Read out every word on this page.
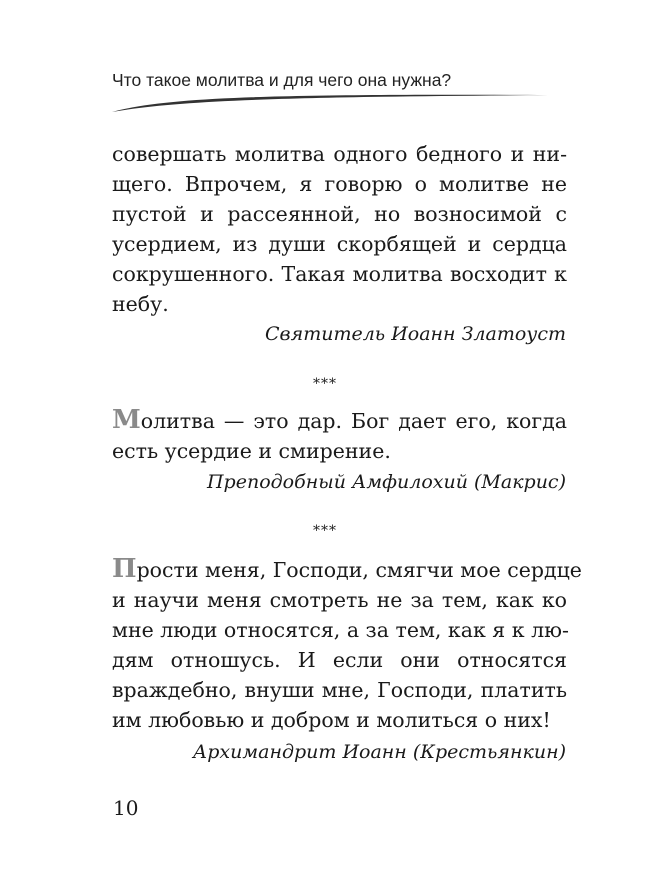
Что такое молитва и для чего она нужна?
совершать молитва одного бедного и ни-
щего. Впрочем, я говорю о молитве не
пустой и рассеянной, но возносимой с
усердием, из души скорбящей и сердца
сокрушенного. Такая молитва восходит к
небу.
Святитель Иоанн Златоуст
***
Молитва — это дар. Бог дает его, когда
есть усердие и смирение.
Преподобный Амфилохий (Макрис)
***
Прости меня, Господи, смягчи мое сердце
и научи меня смотреть не за тем, как ко
мне люди относятся, а за тем, как я к лю-
дям отношусь. И если они относятся
враждебно, внуши мне, Господи, платить
им любовью и добром и молиться о них!
Архимандрит Иоанн (Крестьянкин)
10
